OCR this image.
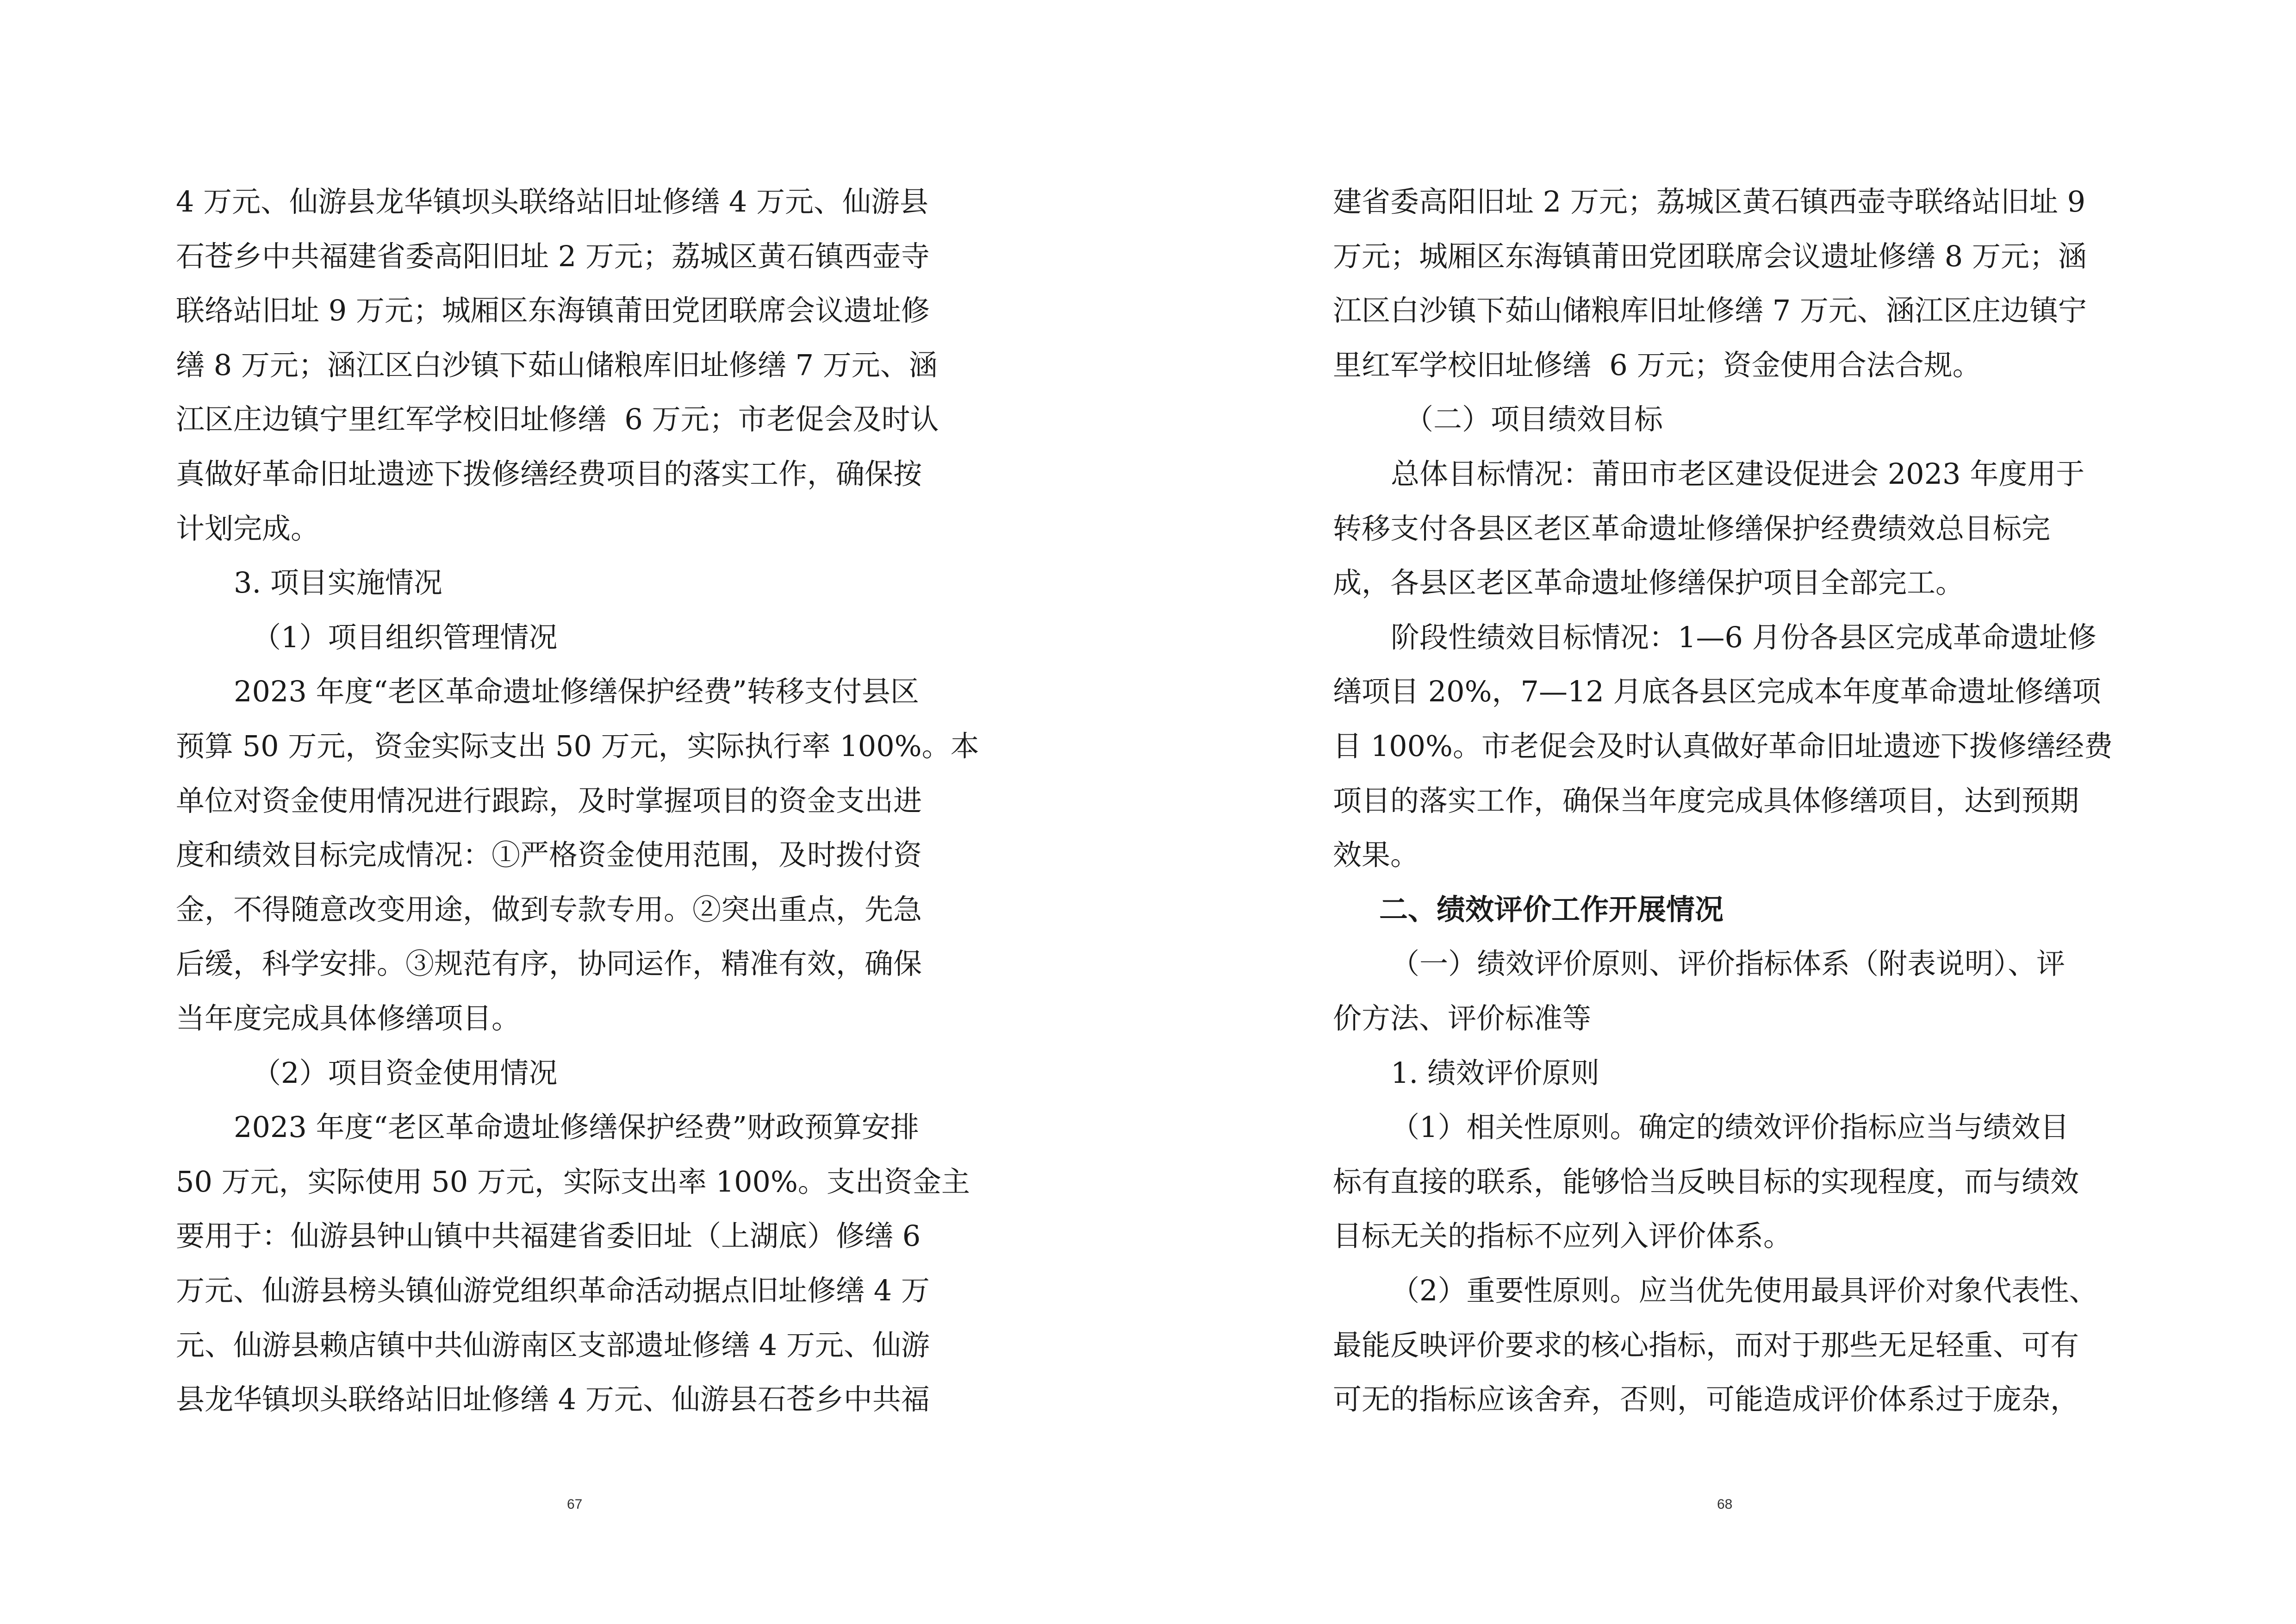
4 万元、仙游县龙华镇坝头联络站旧址修缮 4 万元、仙游县
石苍乡中共福建省委高阳旧址 2 万元；荔城区黄石镇西壶寺
联络站旧址 9 万元；城厢区东海镇莆田党团联席会议遗址修
缮 8 万元；涵江区白沙镇下茹山储粮库旧址修缮 7 万元、涵
江区庄边镇宁里红军学校旧址修缮  6 万元；市老促会及时认
真做好革命旧址遗迹下拨修缮经费项目的落实工作，确保按
计划完成。
3. 项目实施情况
（1）项目组织管理情况
2023 年度“老区革命遗址修缮保护经费”转移支付县区
预算 50 万元，资金实际支出 50 万元，实际执行率 100%。本
单位对资金使用情况进行跟踪，及时掌握项目的资金支出进
度和绩效目标完成情况：①严格资金使用范围，及时拨付资
金，不得随意改变用途，做到专款专用。②突出重点，先急
后缓，科学安排。③规范有序，协同运作，精准有效，确保
当年度完成具体修缮项目。
（2）项目资金使用情况
2023 年度“老区革命遗址修缮保护经费”财政预算安排
50 万元，实际使用 50 万元，实际支出率 100%。支出资金主
要用于：仙游县钟山镇中共福建省委旧址（上湖底）修缮 6
万元、仙游县榜头镇仙游党组织革命活动据点旧址修缮 4 万
元、仙游县赖店镇中共仙游南区支部遗址修缮 4 万元、仙游
县龙华镇坝头联络站旧址修缮 4 万元、仙游县石苍乡中共福
67
建省委高阳旧址 2 万元；荔城区黄石镇西壶寺联络站旧址 9
万元；城厢区东海镇莆田党团联席会议遗址修缮 8 万元；涵
江区白沙镇下茹山储粮库旧址修缮 7 万元、涵江区庄边镇宁
里红军学校旧址修缮  6 万元；资金使用合法合规。
（二）项目绩效目标
总体目标情况：莆田市老区建设促进会 2023 年度用于
转移支付各县区老区革命遗址修缮保护经费绩效总目标完
成，各县区老区革命遗址修缮保护项目全部完工。
阶段性绩效目标情况：1—6 月份各县区完成革命遗址修
缮项目 20%，7—12 月底各县区完成本年度革命遗址修缮项
目 100%。市老促会及时认真做好革命旧址遗迹下拨修缮经费
项目的落实工作，确保当年度完成具体修缮项目，达到预期
效果。
二、绩效评价工作开展情况
（一）绩效评价原则、评价指标体系（附表说明）、评
价方法、评价标准等
1. 绩效评价原则
（1）相关性原则。确定的绩效评价指标应当与绩效目
标有直接的联系，能够恰当反映目标的实现程度，而与绩效
目标无关的指标不应列入评价体系。
（2）重要性原则。应当优先使用最具评价对象代表性、
最能反映评价要求的核心指标，而对于那些无足轻重、可有
可无的指标应该舍弃，否则，可能造成评价体系过于庞杂，
68
